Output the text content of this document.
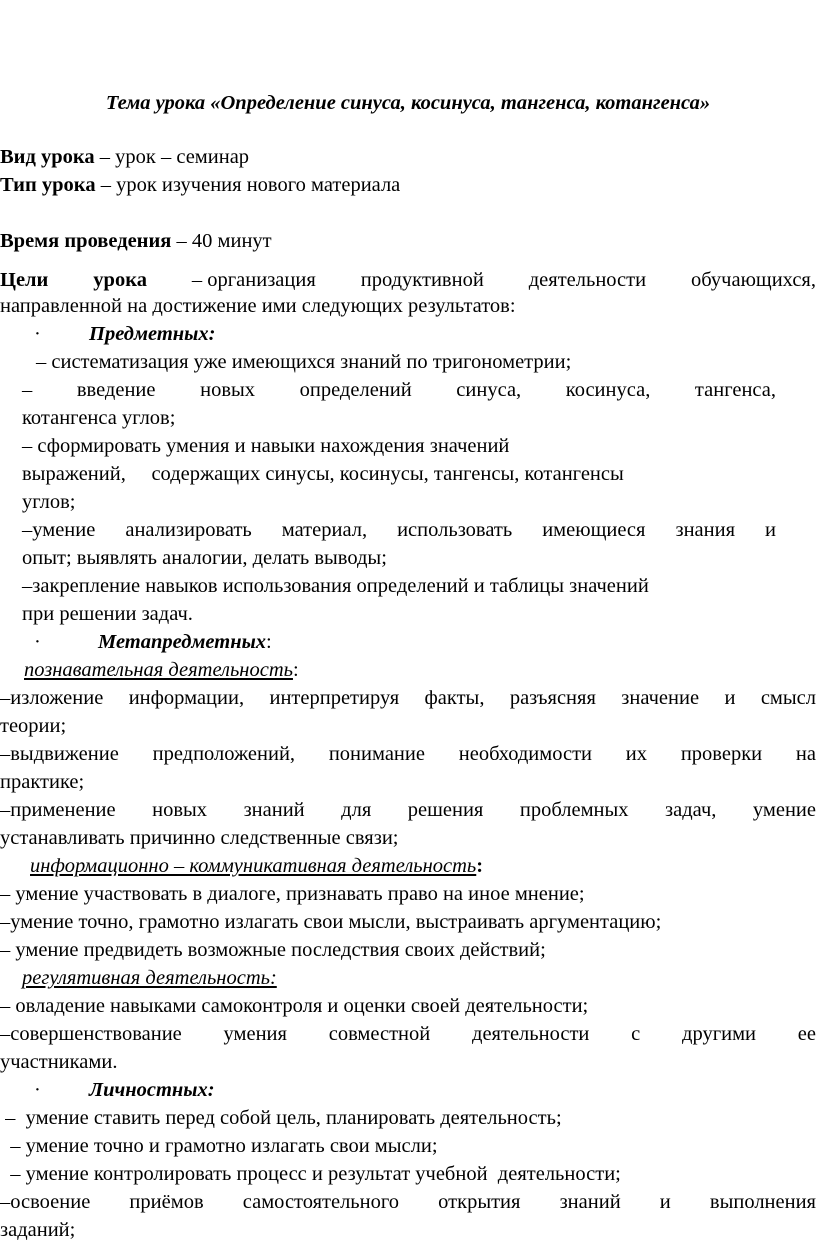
Тема урока «Определение синуса, косинуса, тангенса, котангенса»
Вид урока – урок – семинар
Тип урока – урок изучения нового материала
Время проведения – 40 минут
Цели урока – организация продуктивной деятельности обучающихся,
направленной на достижение ими следующих результатов:
· Предметных:
– систематизация уже имеющихся знаний по тригонометрии;
– введение новых определений синуса, косинуса, тангенса,
котангенса углов;
– сформировать умения и навыки нахождения значений
выражений,     содержащих синусы, косинусы, тангенсы, котангенсы
углов;
–умение анализировать материал, использовать имеющиеся знания и
опыт; выявлять аналогии, делать выводы;
–закрепление навыков использования определений и таблицы значений
при решении задач.
·	Метапредметных:
познавательная деятельность:
–изложение информации, интерпретируя факты, разъясняя значение и смысл
теории;
–выдвижение предположений, понимание необходимости их проверки на
практике;
–применение новых знаний для решения проблемных задач, умение
устанавливать причинно следственные связи;
информационно – коммуникативная деятельность:
– умение участвовать в диалоге, признавать право на иное мнение;
–умение точно, грамотно излагать свои мысли, выстраивать аргументацию;
– умение предвидеть возможные последствия своих действий;
регулятивная деятельность:
– овладение навыками самоконтроля и оценки своей деятельности;
–совершенствование умения совместной деятельности с другими ее
участниками.
· Личностных:
–  умение ставить перед собой цель, планировать деятельность;
– умение точно и грамотно излагать свои мысли;
– умение контролировать процесс и результат учебной  деятельности;
–освоение приёмов самостоятельного открытия знаний и выполнения
заданий;
